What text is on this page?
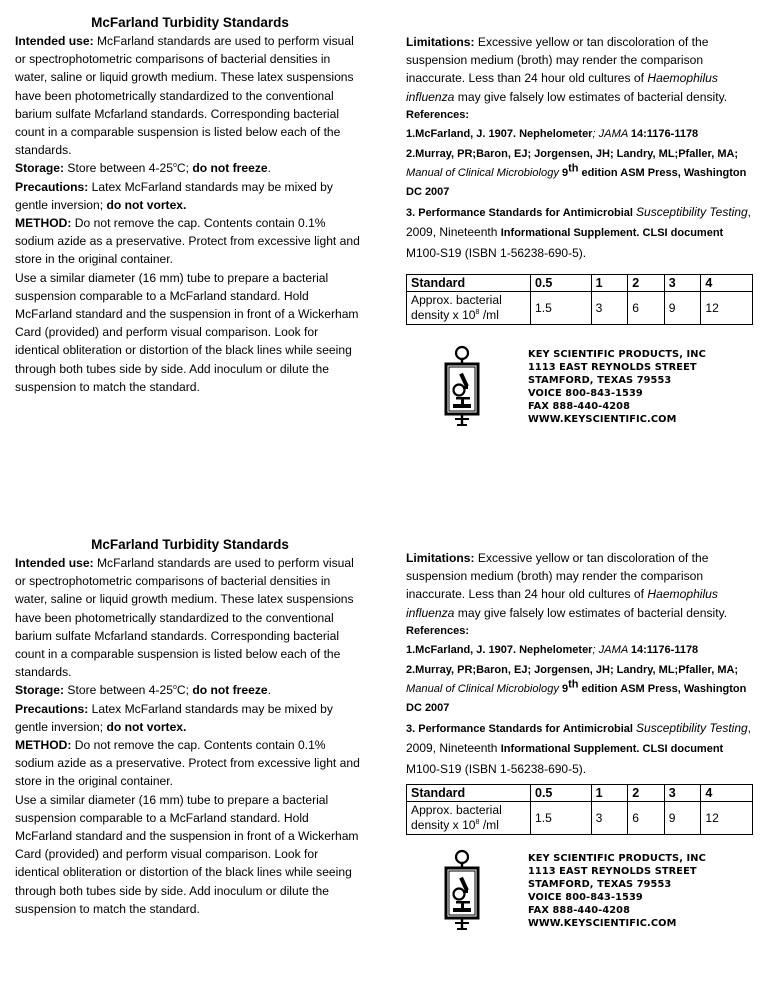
McFarland Turbidity Standards

Intended use: McFarland standards are used to perform visual or spectrophotometric comparisons of bacterial densities in water, saline or liquid growth medium. These latex suspensions have been photometrically standardized to the conventional barium sulfate Mcfarland standards. Corresponding bacterial count in a comparable suspension is listed below each of the standards.

Storage: Store between 4-25$^o$C; do not freeze.

Precautions: Latex McFarland standards may be mixed by gentle inversion; do not vortex.

METHOD: Do not remove the cap. Contents contain 0.1% sodium azide as a preservative. Protect from excessive light and store in the original container.

Use a similar diameter (16 mm) tube to prepare a bacterial suspension comparable to a McFarland standard. Hold McFarland standard and the suspension in front of a Wickerham Card (provided) and perform visual comparison. Look for identical obliteration or distortion of the black lines while seeing through both tubes side by side. Add inoculum or dilute the suspension to match the standard.

Limitations: Excessive yellow or tan discoloration of the suspension medium (broth) may render the comparison inaccurate. Less than 24 hour old cultures of Haemophilus influenza may give falsely low estimates of bacterial density.

References:

1.McFarland, J. 1907. Nephelometer; JAMA 14:1176-1178

2.Murray, PR;Baron, EJ; Jorgensen, JH; Landry, ML;Pfaller, MA; Manual of Clinical Microbiology 9th edition ASM Press, Washington DC 2007

3. Performance Standards for Antimicrobial Susceptibility Testing, 2009, Nineteenth Informational Supplement. CLSI document M100-S19 (ISBN 1-56238-690-5).

Standard	0.5	1	2	3	4
Approx. bacterial density x $10^8$ /ml	1.5	3	6	9	12
KEY SCIENTIFIC PRODUCTS, INC
1113 EAST REYNOLDS STREET
STAMFORD, TEXAS 79553
VOICE 800-843-1539
FAX 888-440-4208
WWW.KEYSCIENTIFIC.COM
McFarland Turbidity Standards

Intended use: McFarland standards are used to perform visual or spectrophotometric comparisons of bacterial densities in water, saline or liquid growth medium. These latex suspensions have been photometrically standardized to the conventional barium sulfate Mcfarland standards. Corresponding bacterial count in a comparable suspension is listed below each of the standards.

Storage: Store between 4-25$^o$C; do not freeze.

Precautions: Latex McFarland standards may be mixed by gentle inversion; do not vortex.

METHOD: Do not remove the cap. Contents contain 0.1% sodium azide as a preservative. Protect from excessive light and store in the original container.

Use a similar diameter (16 mm) tube to prepare a bacterial suspension comparable to a McFarland standard. Hold McFarland standard and the suspension in front of a Wickerham Card (provided) and perform visual comparison. Look for identical obliteration or distortion of the black lines while seeing through both tubes side by side. Add inoculum or dilute the suspension to match the standard.

Limitations: Excessive yellow or tan discoloration of the suspension medium (broth) may render the comparison inaccurate. Less than 24 hour old cultures of Haemophilus influenza may give falsely low estimates of bacterial density.

References:

1.McFarland, J. 1907. Nephelometer; JAMA 14:1176-1178

2.Murray, PR;Baron, EJ; Jorgensen, JH; Landry, ML;Pfaller, MA; Manual of Clinical Microbiology 9th edition ASM Press, Washington DC 2007

3. Performance Standards for Antimicrobial Susceptibility Testing, 2009, Nineteenth Informational Supplement. CLSI document M100-S19 (ISBN 1-56238-690-5).

Standard	0.5	1	2	3	4
Approx. bacterial density x $10^8$ /ml	1.5	3	6	9	12
KEY SCIENTIFIC PRODUCTS, INC
1113 EAST REYNOLDS STREET
STAMFORD, TEXAS 79553
VOICE 800-843-1539
FAX 888-440-4208
WWW.KEYSCIENTIFIC.COM
